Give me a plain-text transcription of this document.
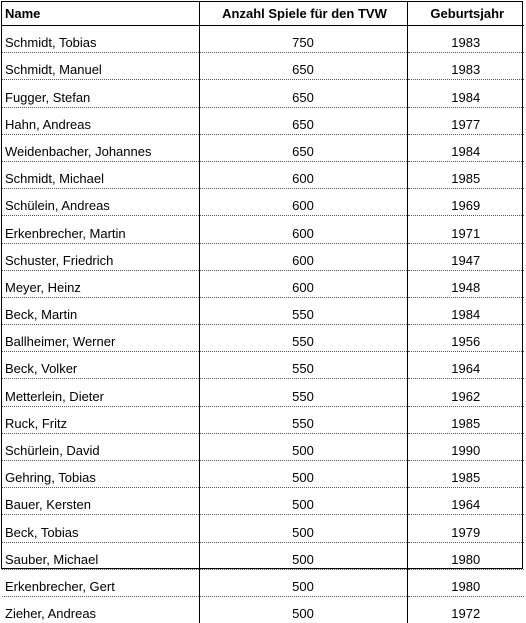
Name	Anzahl Spiele für den TVW	Geburtsjahr
Schmidt, Tobias	750	1983
Schmidt, Manuel	650	1983
Fugger, Stefan	650	1984
Hahn, Andreas	650	1977
Weidenbacher, Johannes	650	1984
Schmidt, Michael	600	1985
Schülein, Andreas	600	1969
Erkenbrecher, Martin	600	1971
Schuster, Friedrich	600	1947
Meyer, Heinz	600	1948
Beck, Martin	550	1984
Ballheimer, Werner	550	1956
Beck, Volker	550	1964
Metterlein, Dieter	550	1962
Ruck, Fritz	550	1985
Schürlein, David	500	1990
Gehring, Tobias	500	1985
Bauer, Kersten	500	1964
Beck, Tobias	500	1979
Sauber, Michael	500	1980
Erkenbrecher, Gert	500	1980
Zieher, Andreas	500	1972
